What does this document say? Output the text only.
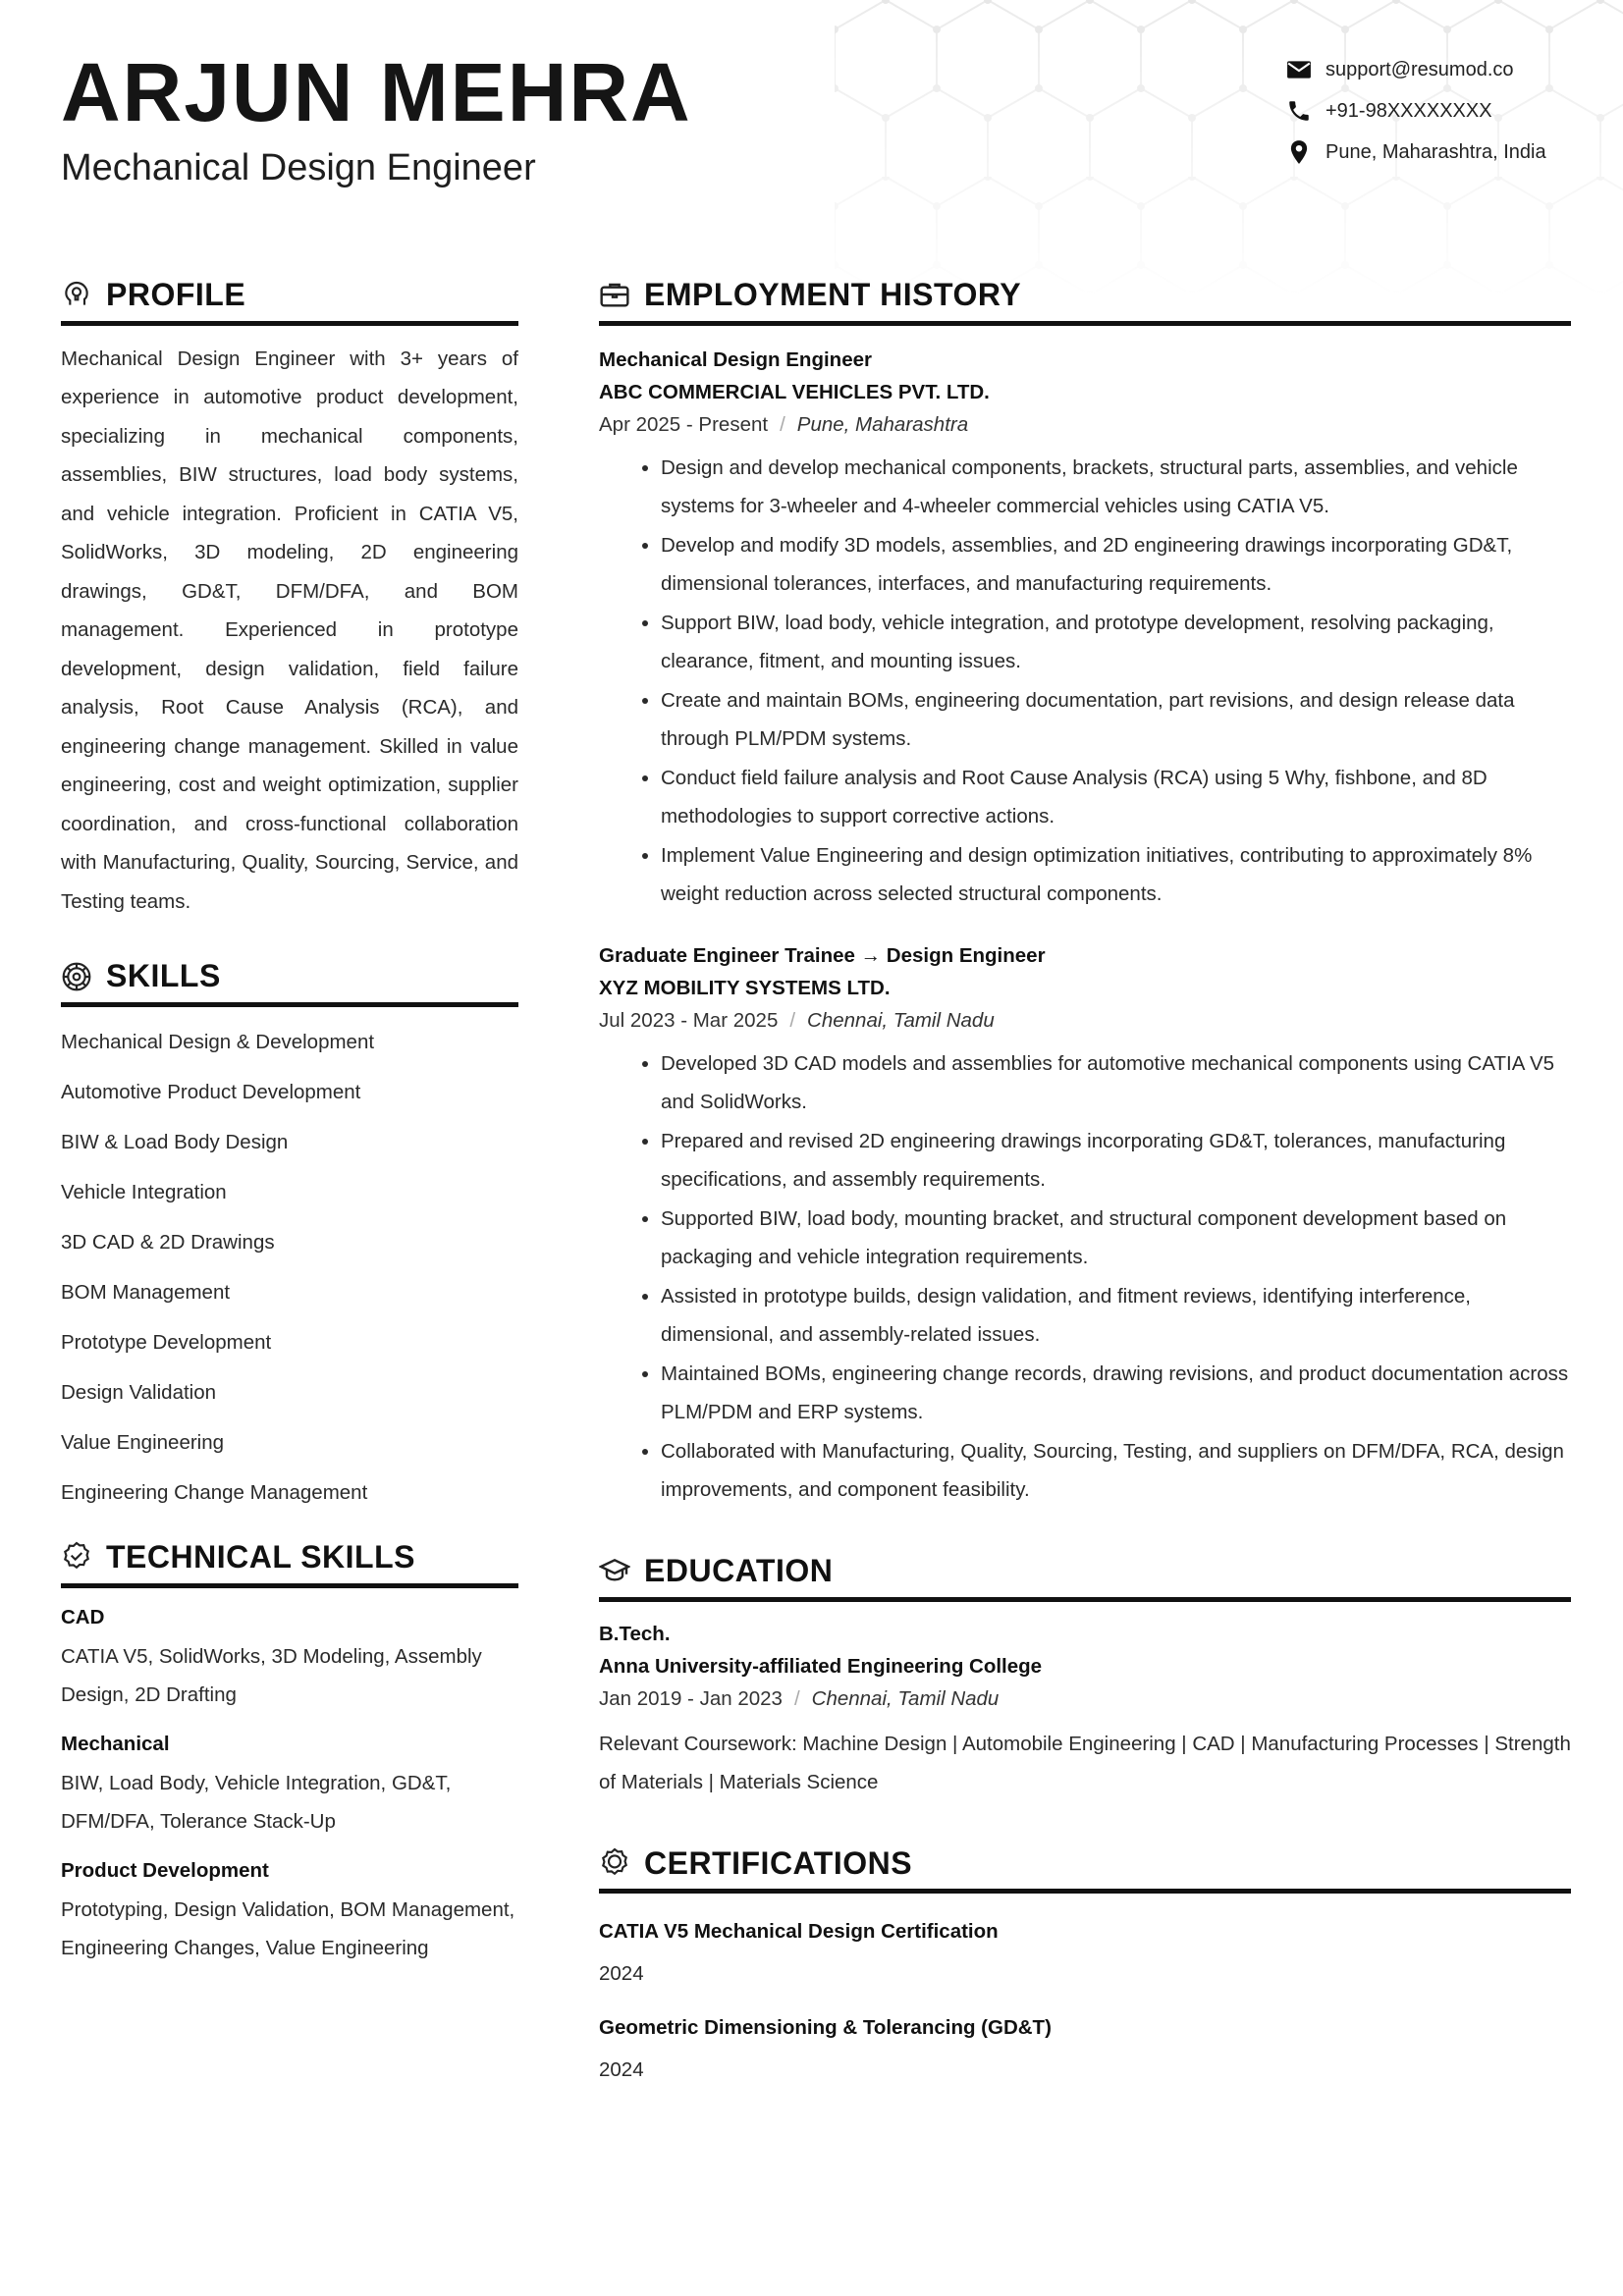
ARJUN MEHRA
Mechanical Design Engineer
support@resumod.co
+91-98XXXXXXXX
Pune, Maharashtra, India
PROFILE

Mechanical Design Engineer with 3+ years of experience in automotive product development, specializing in mechanical components, assemblies, BIW structures, load body systems, and vehicle integration. Proficient in CATIA V5, SolidWorks, 3D modeling, 2D engineering drawings, GD&T, DFM/DFA, and BOM management. Experienced in prototype development, design validation, field failure analysis, Root Cause Analysis (RCA), and engineering change management. Skilled in value engineering, cost and weight optimization, supplier coordination, and cross-functional collaboration with Manufacturing, Quality, Sourcing, Service, and Testing teams.

SKILLS
Mechanical Design & Development
Automotive Product Development
BIW & Load Body Design
Vehicle Integration
3D CAD & 2D Drawings
BOM Management
Prototype Development
Design Validation
Value Engineering
Engineering Change Management
TECHNICAL SKILLS
CAD

CATIA V5, SolidWorks, 3D Modeling, Assembly Design, 2D Drafting

Mechanical

BIW, Load Body, Vehicle Integration, GD&T, DFM/DFA, Tolerance Stack-Up

Product Development

Prototyping, Design Validation, BOM Management, Engineering Changes, Value Engineering

EMPLOYMENT HISTORY
Mechanical Design Engineer
ABC COMMERCIAL VEHICLES PVT. LTD.
Apr 2025 - Present / Pune, Maharashtra
• Design and develop mechanical components, brackets, structural parts, assemblies, and vehicle systems for 3-wheeler and 4-wheeler commercial vehicles using CATIA V5.
• Develop and modify 3D models, assemblies, and 2D engineering drawings incorporating GD&T, dimensional tolerances, interfaces, and manufacturing requirements.
• Support BIW, load body, vehicle integration, and prototype development, resolving packaging, clearance, fitment, and mounting issues.
• Create and maintain BOMs, engineering documentation, part revisions, and design release data through PLM/PDM systems.
• Conduct field failure analysis and Root Cause Analysis (RCA) using 5 Why, fishbone, and 8D methodologies to support corrective actions.
• Implement Value Engineering and design optimization initiatives, contributing to approximately 8% weight reduction across selected structural components.
Graduate Engineer Trainee → Design Engineer
XYZ MOBILITY SYSTEMS LTD.
Jul 2023 - Mar 2025 / Chennai, Tamil Nadu
• Developed 3D CAD models and assemblies for automotive mechanical components using CATIA V5 and SolidWorks.
• Prepared and revised 2D engineering drawings incorporating GD&T, tolerances, manufacturing specifications, and assembly requirements.
• Supported BIW, load body, mounting bracket, and structural component development based on packaging and vehicle integration requirements.
• Assisted in prototype builds, design validation, and fitment reviews, identifying interference, dimensional, and assembly-related issues.
• Maintained BOMs, engineering change records, drawing revisions, and product documentation across PLM/PDM and ERP systems.
• Collaborated with Manufacturing, Quality, Sourcing, Testing, and suppliers on DFM/DFA, RCA, design improvements, and component feasibility.
EDUCATION
B.Tech.
Anna University-affiliated Engineering College
Jan 2019 - Jan 2023 / Chennai, Tamil Nadu

Relevant Coursework: Machine Design | Automobile Engineering | CAD | Manufacturing Processes | Strength of Materials | Materials Science

CERTIFICATIONS
CATIA V5 Mechanical Design Certification
2024
Geometric Dimensioning & Tolerancing (GD&T)
2024
